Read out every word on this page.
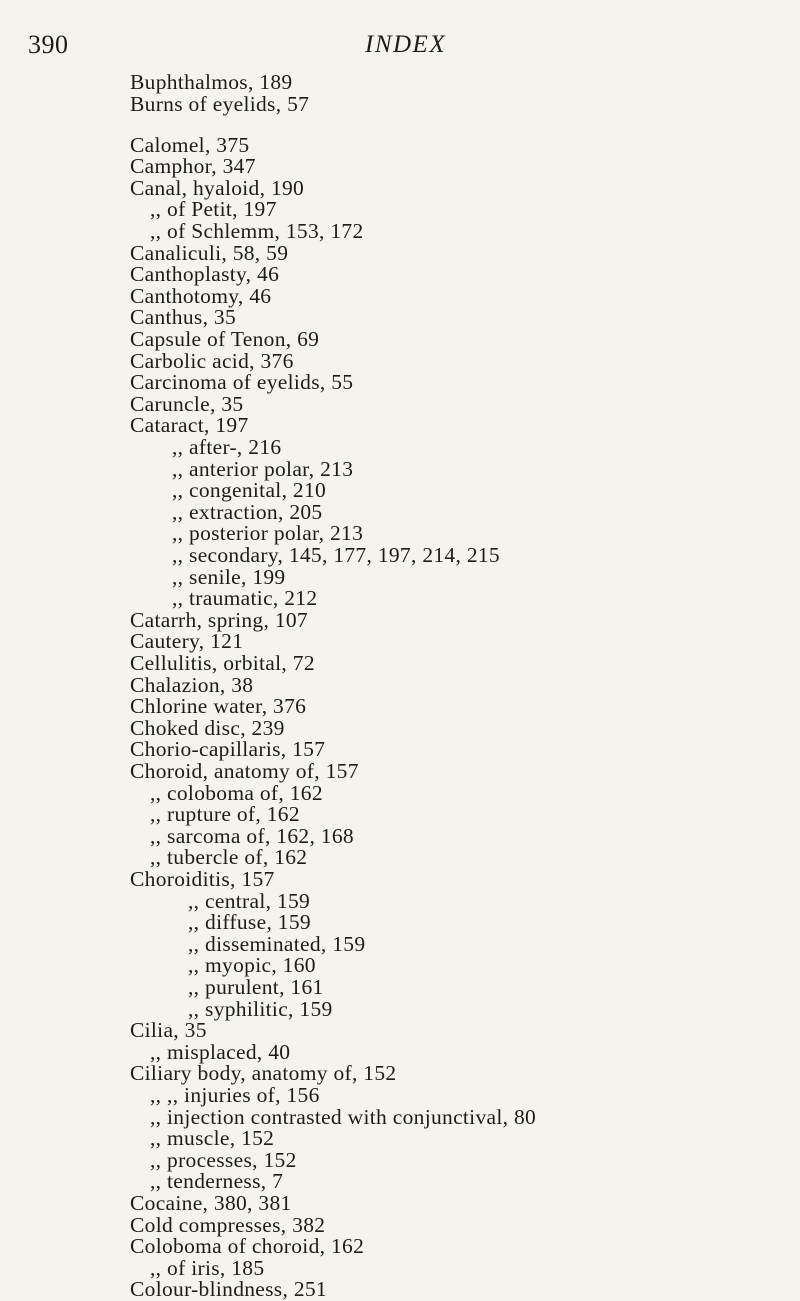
390	INDEX
Buphthalmos, 189
Burns of eyelids, 57
Calomel, 375
Camphor, 347
Canal, hyaloid, 190
,, of Petit, 197
,, of Schlemm, 153, 172
Canaliculi, 58, 59
Canthoplasty, 46
Canthotomy, 46
Canthus, 35
Capsule of Tenon, 69
Carbolic acid, 376
Carcinoma of eyelids, 55
Caruncle, 35
Cataract, 197
,, after-, 216
,, anterior polar, 213
,, congenital, 210
,, extraction, 205
,, posterior polar, 213
,, secondary, 145, 177, 197, 214, 215
,, senile, 199
,, traumatic, 212
Catarrh, spring, 107
Cautery, 121
Cellulitis, orbital, 72
Chalazion, 38
Chlorine water, 376
Choked disc, 239
Chorio-capillaris, 157
Choroid, anatomy of, 157
,, coloboma of, 162
,, rupture of, 162
,, sarcoma of, 162, 168
,, tubercle of, 162
Choroiditis, 157
,, central, 159
,, diffuse, 159
,, disseminated, 159
,, myopic, 160
,, purulent, 161
,, syphilitic, 159
Cilia, 35
,, misplaced, 40
Ciliary body, anatomy of, 152
,, ,, injuries of, 156
,, injection contrasted with conjunctival, 80
,, muscle, 152
,, processes, 152
,, tenderness, 7
Cocaine, 380, 381
Cold compresses, 382
Coloboma of choroid, 162
,, of iris, 185
Colour-blindness, 251
